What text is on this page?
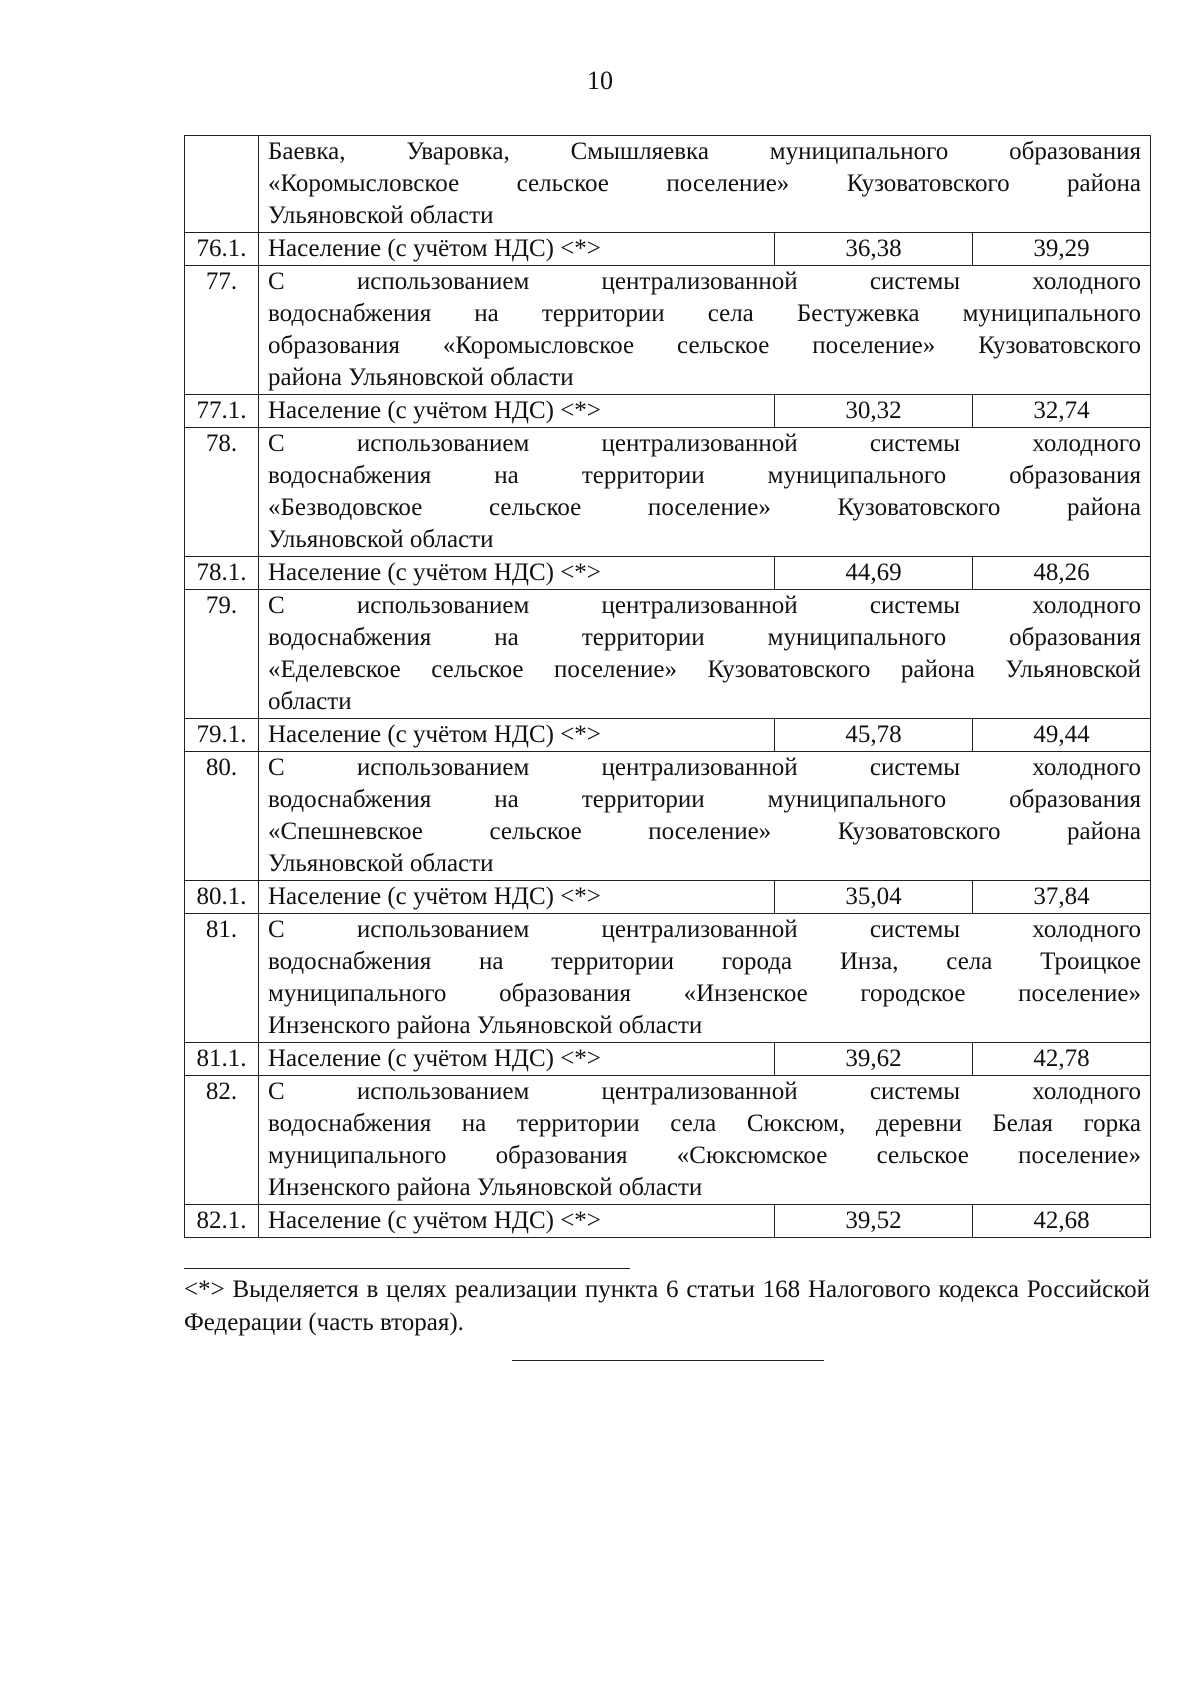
10

	Баевка, Уваровка, Смышляевка муниципального образования
«Коромысловское сельское поселение» Кузоватовского района
Ульяновской области		

76.1.	Население (с учётом НДС) <*>	36,38	39,29
77.	С использованием централизованной системы холодного
водоснабжения на территории села Бестужевка муниципального
образования «Коромысловское сельское поселение» Кузоватовского
района Ульяновской области		

77.1.	Население (с учётом НДС) <*>	30,32	32,74
78.	С использованием централизованной системы холодного
водоснабжения на территории муниципального образования
«Безводовское сельское поселение» Кузоватовского района
Ульяновской области		

78.1.	Население (с учётом НДС) <*>	44,69	48,26
79.	С использованием централизованной системы холодного
водоснабжения на территории муниципального образования
«Еделевское сельское поселение» Кузоватовского района Ульяновской
области		

79.1.	Население (с учётом НДС) <*>	45,78	49,44
80.	С использованием централизованной системы холодного
водоснабжения на территории муниципального образования
«Спешневское сельское поселение» Кузоватовского района
Ульяновской области		

80.1.	Население (с учётом НДС) <*>	35,04	37,84
81.	С использованием централизованной системы холодного
водоснабжения на территории города Инза, села Троицкое
муниципального образования «Инзенское городское поселение»
Инзенского района Ульяновской области		

81.1.	Население (с учётом НДС) <*>	39,62	42,78
82.	С использованием централизованной системы холодного
водоснабжения на территории села Сюксюм, деревни Белая горка
муниципального образования «Сюксюмское сельское поселение»
Инзенского района Ульяновской области		

82.1.	Население (с учётом НДС) <*>	39,52	42,68
<*> Выделяется в целях реализации пункта 6 статьи 168 Налогового кодекса Российской Федерации (часть вторая).
